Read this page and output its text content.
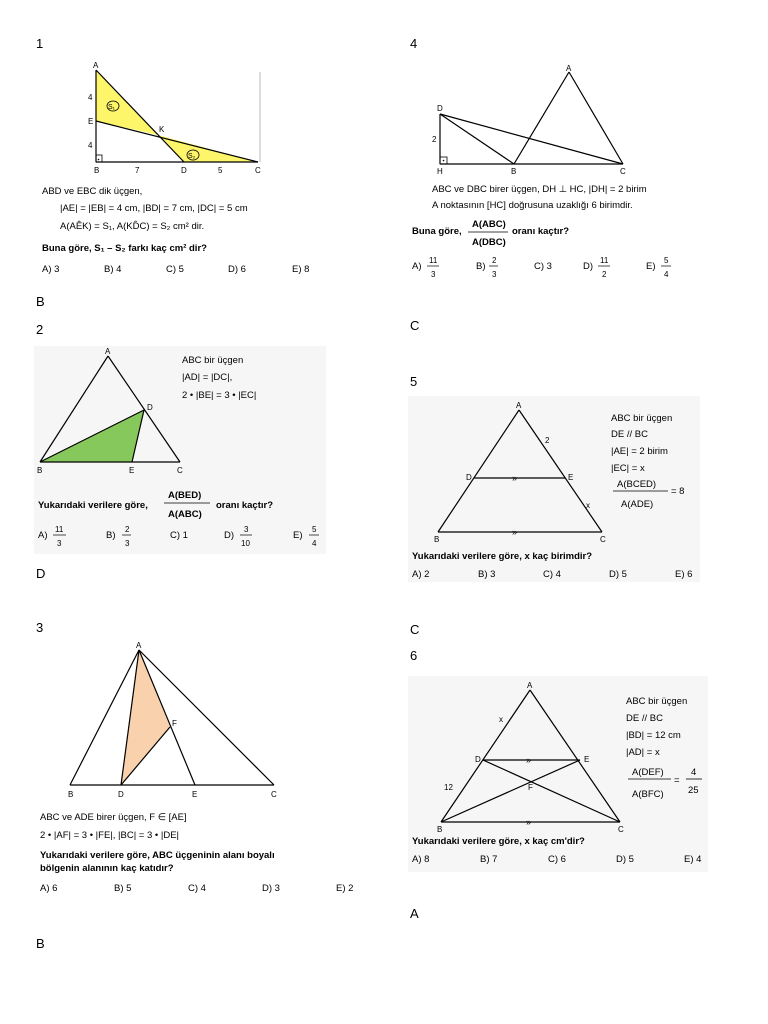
1
A
E
B	D	C
K
4
4
7	5
S₁
S₂
ABD ve EBC dik üçgen,
|AE| = |EB| = 4 cm, |BD| = 7 cm, |DC| = 5 cm
A(AÊK) = S₁, A(KD̂C) = S₂ cm² dir.
Buna göre, S₁ – S₂ farkı kaç cm² dir?
A) 3	B) 4	C) 5	D) 6	E) 8
B
2
A
D
B	E	C
ABC bir üçgen
|AD| = |DC|,
2 • |BE| = 3 • |EC|
Yukarıdaki verilere göre,
A(BED)
A(ABC)
oranı kaçtır?
A)
11
3
B)
2
3
C) 1	D)
3
10
E)
5
4
D
3
A
F
B	D	E	C
ABC ve ADE birer üçgen, F ∈ [AE]
2 • |AF| = 3 • |FE|, |BC| = 3 • |DE|
Yukarıdaki verilere göre, ABC üçgeninin alanı boyalı
bölgenin alanının kaç katıdır?
A) 6	B) 5	C) 4	D) 3	E) 2
B
4
A
D
H	B	C
2
ABC ve DBC birer üçgen, DH ⊥ HC, |DH| = 2 birim
A noktasının [HC] doğrusuna uzaklığı 6 birimdir.
Buna göre,
A(ABC)
A(DBC)
oranı kaçtır?
A)
11
3
B)
2
3
C) 3	D)
11
2
E)
5
4
C
5
»
»
A
D	E
B	C
2
x
ABC bir üçgen
DE // BC
|AE| = 2 birim
|EC| = x
A(BCED)
A(ADE)
= 8
Yukarıdaki verilere göre, x kaç birimdir?
A) 2	B) 3	C) 4	D) 5	E) 6
C
6
»
»
A
D	E
F
B	C
x
12
ABC bir üçgen
DE // BC
|BD| = 12 cm
|AD| = x
A(DEF)
A(BFC)
=
4
25
Yukarıdaki verilere göre, x kaç cm'dir?
A) 8	B) 7	C) 6	D) 5	E) 4
A
